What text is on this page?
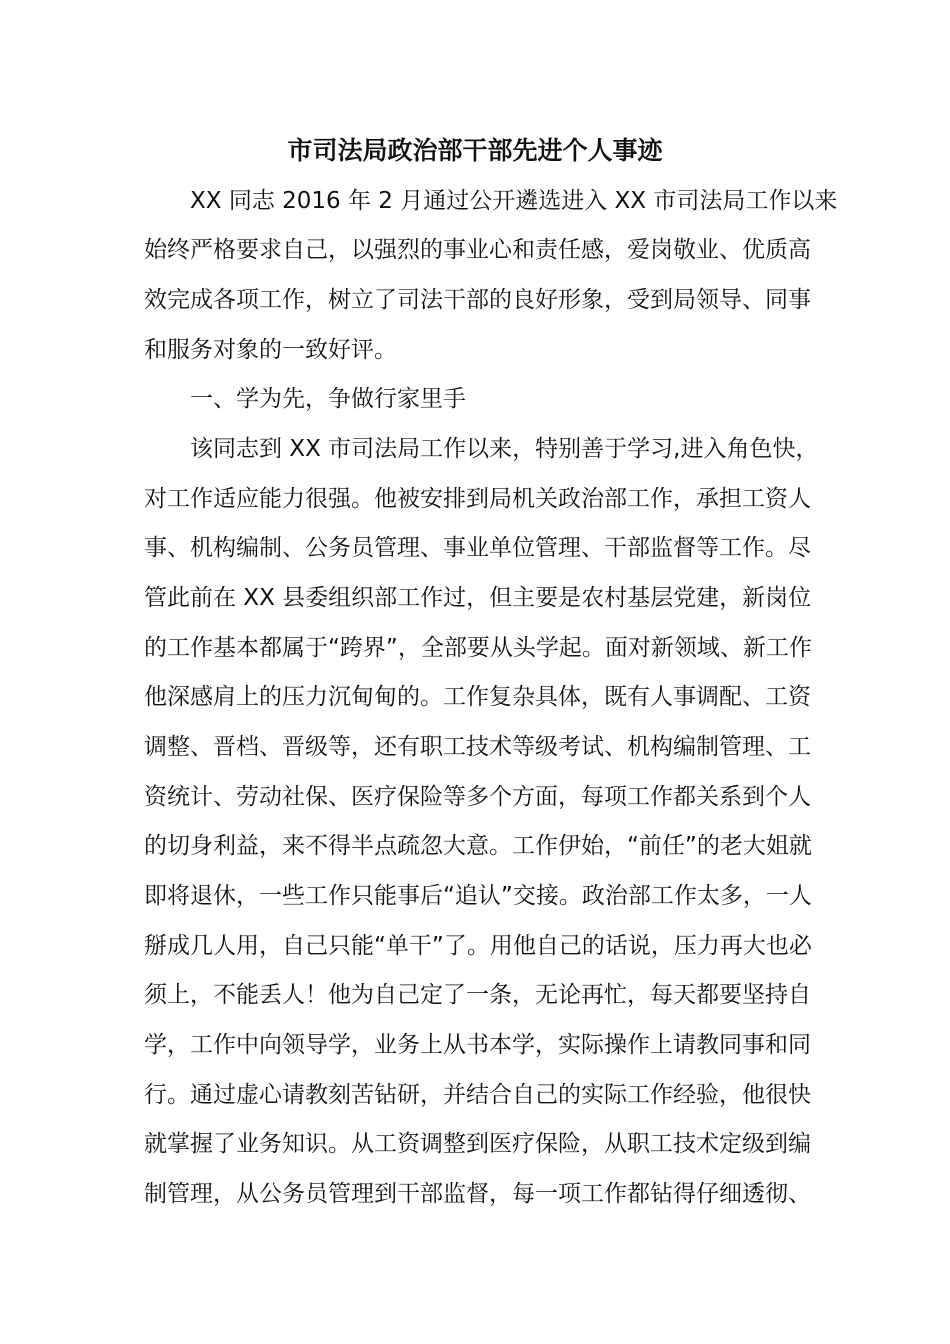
市司法局政治部干部先进个人事迹

　　XX 同志 2016 年 2 月通过公开遴选进入 XX 市司法局工作以来

始终严格要求自己，以强烈的事业心和责任感，爱岗敬业、优质高

效完成各项工作，树立了司法干部的良好形象，受到局领导、同事

和服务对象的一致好评。

　　一、学为先，争做行家里手

　　该同志到 XX 市司法局工作以来，特别善于学习,进入角色快，

对工作适应能力很强。他被安排到局机关政治部工作，承担工资人

事、机构编制、公务员管理、事业单位管理、干部监督等工作。尽

管此前在 XX 县委组织部工作过，但主要是农村基层党建，新岗位

的工作基本都属于“跨界”，全部要从头学起。面对新领域、新工作

他深感肩上的压力沉甸甸的。工作复杂具体，既有人事调配、工资

调整、晋档、晋级等，还有职工技术等级考试、机构编制管理、工

资统计、劳动社保、医疗保险等多个方面，每项工作都关系到个人

的切身利益，来不得半点疏忽大意。工作伊始，“前任”的老大姐就

即将退休，一些工作只能事后“追认”交接。政治部工作太多，一人

掰成几人用，自己只能“单干”了。用他自己的话说，压力再大也必

须上，不能丢人！他为自己定了一条，无论再忙，每天都要坚持自

学，工作中向领导学，业务上从书本学，实际操作上请教同事和同

行。通过虚心请教刻苦钻研，并结合自己的实际工作经验，他很快

就掌握了业务知识。从工资调整到医疗保险，从职工技术定级到编

制管理，从公务员管理到干部监督，每一项工作都钻得仔细透彻、
